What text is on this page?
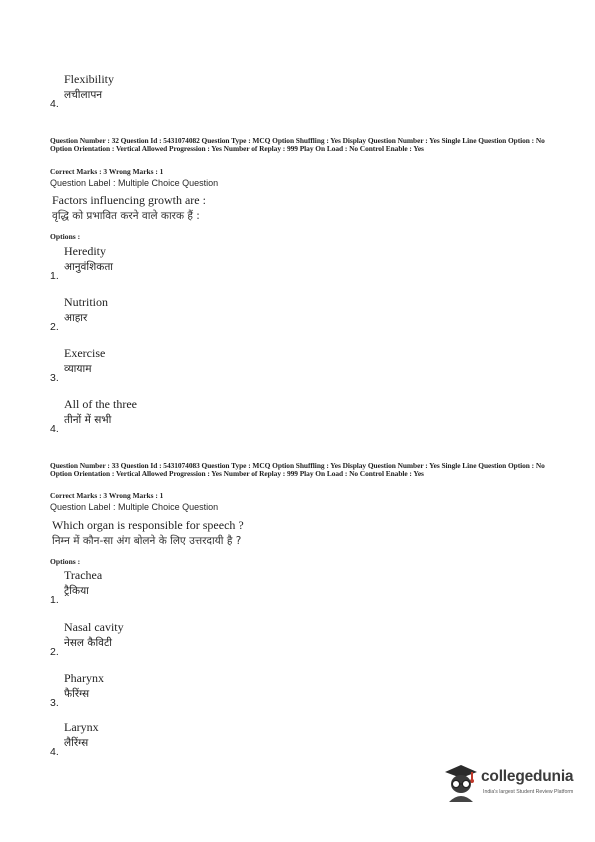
Flexibility
लचीलापन
4.
Question Number : 32 Question Id : 5431074082 Question Type : MCQ Option Shuffling : Yes Display Question Number : Yes Single Line Question Option : No Option Orientation : Vertical Allowed Progression : Yes Number of Replay : 999 Play On Load : No Control Enable : Yes
Correct Marks : 3 Wrong Marks : 1
Question Label : Multiple Choice Question
Factors influencing growth are :
वृद्धि को प्रभावित करने वाले कारक हैं :
Options :
Heredity
आनुवंशिकता
1.
Nutrition
आहार
2.
Exercise
व्यायाम
3.
All of the three
तीनों में सभी
4.
Question Number : 33 Question Id : 5431074083 Question Type : MCQ Option Shuffling : Yes Display Question Number : Yes Single Line Question Option : No Option Orientation : Vertical Allowed Progression : Yes Number of Replay : 999 Play On Load : No Control Enable : Yes
Correct Marks : 3 Wrong Marks : 1
Question Label : Multiple Choice Question
Which organ is responsible for speech ?
निम्न में कौन-सा अंग बोलने के लिए उत्तरदायी है ?
Options :
Trachea
ट्रैकिया
1.
Nasal cavity
नेसल कैविटी
2.
Pharynx
फैरिंग्स
3.
Larynx
लैरिंग्स
4.
collegedunia
India's largest Student Review Platform
